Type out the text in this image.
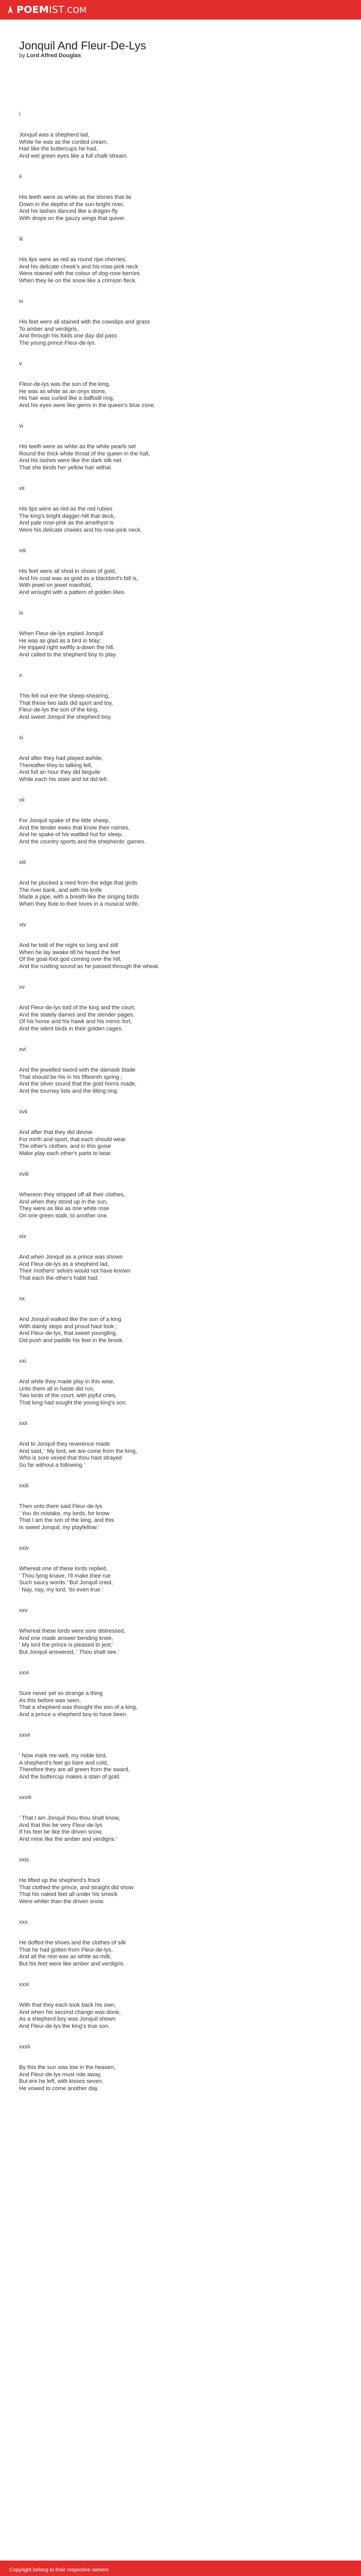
POEM IST .COM
Jonquil And Fleur-De-Lys
by Lord Alfred Douglas
i
Jonquil was a shepherd lad,
White he was as the curded cream,
Hair like the buttercups he had,
And wet green eyes like a full chalk stream.
ii
His teeth were as white as the stones that lie
Down in the depths of the sun-bright river,
And his lashes danced like a dragon-fly
With drops on the gauzy wings that quiver.
iii
His lips were as red as round ripe cherries,
And his delicate cheek's and his rose-pink neck
Were stained with the colour of dog-rose berries
When they lie on the snow like a crimson fleck.
iv
His feet were all stained with the cowslips and grass
To amber and verdigris,
And through his folds one day did pass
The young prince Fleur-de-lys.
v
Fleur-de-lys was the son of the king,
He was as white as an onyx stone,
His hair was curled like a daffodil ring,
And his eyes were like gems in the queen's blue zone.
vi
His teeth were as white as the white pearls set
Round the thick white throat of the queen in the hall,
And his lashes were like the dark silk net
That she binds her yellow hair withal.
vii
His lips were as red as the red rubies
The king's bright dagger-hilt that deck,
And pale rose-pink as the amethyst is
Were his delicate cheeks and his rose-pink neck.
viii
His feet were all shod in shoes of gold,
And his coat was as gold as a blackbird's bill is,
With jewel on jewel manifold,
And wrought with a pattern of golden lilies.
ix
When Fleur-de-lys espied Jonquil
He was as glad as a bird in May;
He tripped right swiftly a-down the hill,
And called to the shepherd boy to play.
x
This fell out ere the sheep-shearing,
That these two lads did sport and toy,
Fleur-de-lys the son of the king,
And sweet Jonquil the shepherd boy.
xi
And after they had played awhile,
Thereafter they to talking fell,
And full an hour they did beguile
While each his state and lot did tell.
xii
For Jonquil spake of the little sheep,
And the tender ewes that know their names,
And he spake of his wattled hut for sleep,
And the country sports and the shepherds' games.
xiii
And he plucked a reed from the edge that girds
The river bank, and with his knife
Made a pipe, with a breath like the singing birds
When they flute to their loves in a musical strife.
xiv
And he told of the night so long and still
When he lay awake till he heard the feet
Of the goat-foot god coming over the hill,
And the rustling sound as he passed through the wheat.
xv
And Fleur-de-lys told of the king and the court,
And the stately dames and the slender pages,
Of his horse and his hawk and his mimic fort,
And the silent birds in their golden cages.
xvi
And the jewelled sword with the damask blade
That should be his in his fifteenth spring ;
And the silver sound that the gold horns made,
And the tourney lists and the tilting ring.
xvii
And after that they did devise
For mirth and sport, that each should wear
The other's clothes, and in this guise
Make play each other's parts to bear.
xviii
Whereon they stripped off all their clothes,
And when they stood up in the sun,
They were as like as one white rose
On one green stalk, to another one.
xix
And when Jonquil as a prince was shown
And Fleur-de-lys as a shepherd lad,
Their mothers' selves would not have known
That each the other's habit had.
xx
And Jonquil walked like the son of a king
With dainty steps and proud haut look ;
And Fleur-de-lys, that sweet youngling,
Did push and paddle his feet in the brook.
xxi
And while they made play in this wise,
Unto them all in haste did run,
Two lords of the court, with joyful cries,
That long had sought the young king's son.
xxii
And to Jonquil they reverence made
And said, ' My lord, we are come from the king,
Who is sore vexed that thou hast strayed
So far without a following.'
xxiii
Then unto them said Fleur-de-lys
' You do mistake, my lords, for know
That I am the son of the king, and this
Is sweet Jonquil, my playfellow.'
xxiv
Whereat one of these lords replied,
' Thou lying knave, I'll make thee rue
Such saucy words.' But Jonquil cried,
' Nay, nay, my lord, 'tis even true.'
xxv
Whereat these lords were sore distressed,
And one made answer bending knee,
' My lord the prince is pleased to jest;'
But Jonquil answered, ' Thou shalt see.'
xxvi
Sure never yet so strange a thing
As this before was seen,
That a shepherd was thought the son of a king,
And a prince a shepherd boy to have been.
xxvii
' Now mark me well, my noble lord,
A shepherd's feet go bare and cold,
Therefore they are all green from the sward,
And the buttercup makes a stain of gold.
xxviii
' That I am Jonquil thou thou shalt know,
And that this be very Fleur-de-lys
If his feet be like the driven snow,
And mine like the amber and verdigris.'
xxix
He lifted up the shepherd's frock
That clothed the prince, and straight did show
That his naked feet all under his smock
Were whiter than the driven snow.
xxx
He doffed the shoes and the clothes of silk
That he had gotten from Fleur-de-lys,
And all the rest was as white as milk,
But his feet were like amber and verdigris.
xxxi
With that they each took back his own,
And when his second change was done,
As a shepherd boy was Jonquil shown
And Fleur-de-lys the king's true son.
xxxii
By this the sun was low in the heaven,
And Fleur-de-lys must ride away,
But ere he left, with kisses seven,
He vowed to come another day.
Copyright belong to their respective owners
